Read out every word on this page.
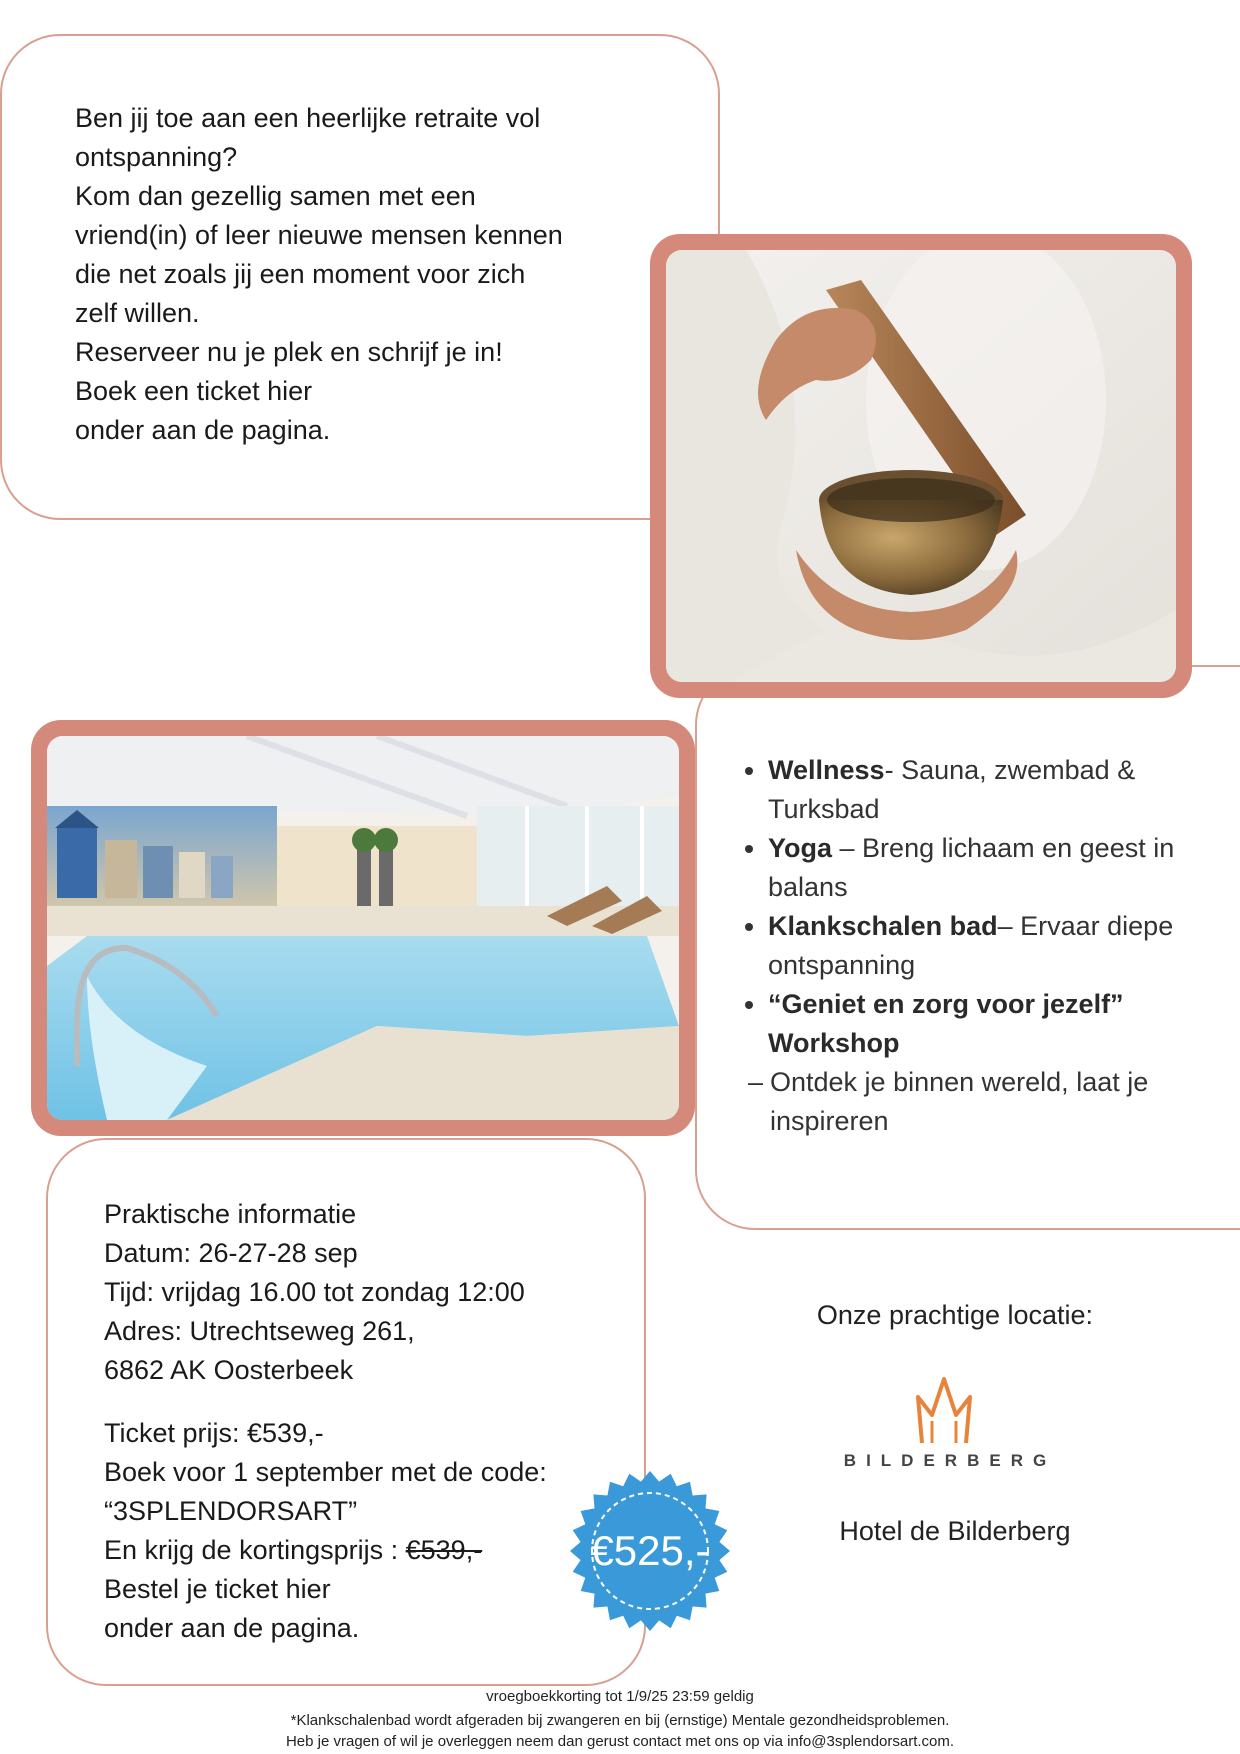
Ben jij toe aan een heerlijke retraite vol
ontspanning?
Kom dan gezellig samen met een
vriend(in) of leer nieuwe mensen kennen
die net zoals jij een moment voor zich
zelf willen.
Reserveer nu je plek en schrijf je in!
Boek een ticket hier
onder aan de pagina.
• Wellness- Sauna, zwembad & Turksbad
• Yoga – Breng lichaam en geest in balans
• Klankschalen bad– Ervaar diepe ontspanning
• “Geniet en zorg voor jezelf” Workshop
– Ontdek je binnen wereld, laat je inspireren
Praktische informatie
Datum: 26-27-28 sep
Tijd: vrijdag 16.00 tot zondag 12:00
Adres: Utrechtseweg 261,
6862 AK Oosterbeek
Ticket prijs: €539,-
Boek voor 1 september met de code:
“3SPLENDORSART”
En krijg de kortingsprijs : €539,-
Bestel je ticket hier
onder aan de pagina.
€525,-
Onze prachtige locatie:
BILDERBERG
Hotel de Bilderberg
vroegboekkorting tot 1/9/25 23:59 geldig
*Klankschalenbad wordt afgeraden bij zwangeren en bij (ernstige) Mentale gezondheidsproblemen.
Heb je vragen of wil je overleggen neem dan gerust contact met ons op via info@3splendorsart.com.
